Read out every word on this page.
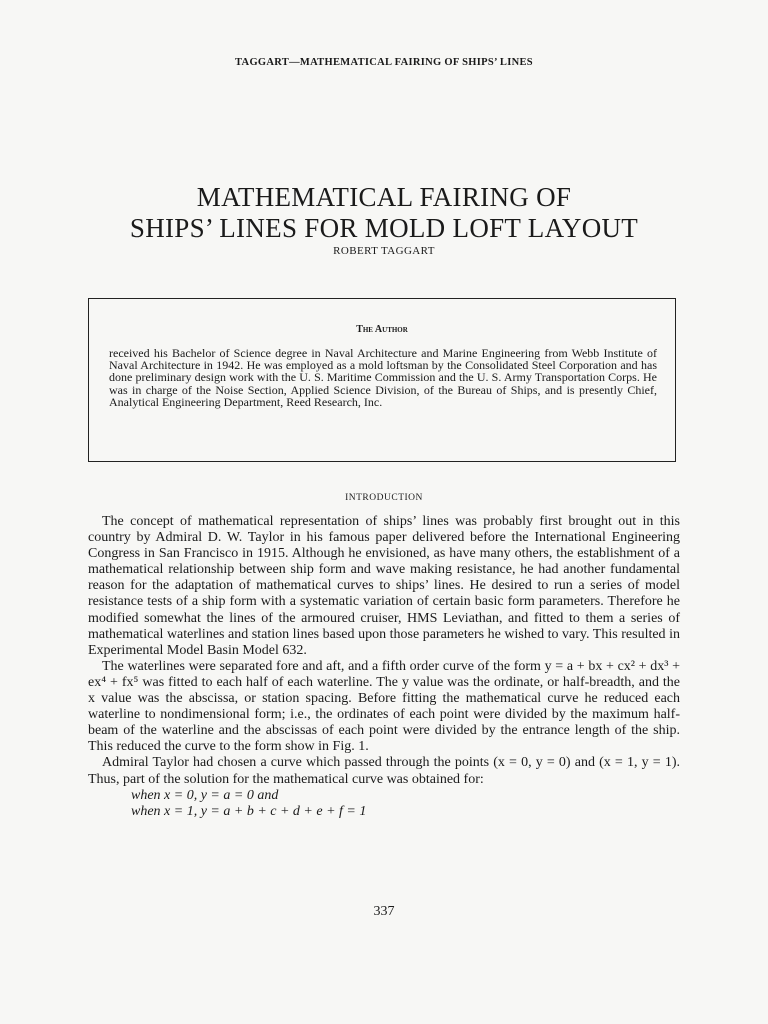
TAGGART—MATHEMATICAL FAIRING OF SHIPS’ LINES
MATHEMATICAL FAIRING OF
SHIPS’ LINES FOR MOLD LOFT LAYOUT
ROBERT TAGGART
The Author

received his Bachelor of Science degree in Naval Architecture and Marine Engineering from Webb Institute of Naval Architecture in 1942. He was employed as a mold loftsman by the Consolidated Steel Corporation and has done preliminary design work with the U. S. Maritime Commission and the U. S. Army Transportation Corps. He was in charge of the Noise Section, Applied Science Division, of the Bureau of Ships, and is presently Chief, Analytical Engineering Department, Reed Research, Inc.

INTRODUCTION

The concept of mathematical representation of ships’ lines was probably first brought out in this country by Admiral D. W. Taylor in his famous paper delivered before the International Engineering Congress in San Francisco in 1915. Although he envisioned, as have many others, the establishment of a mathematical relationship between ship form and wave making resistance, he had another fundamental reason for the adaptation of mathematical curves to ships’ lines. He desired to run a series of model resistance tests of a ship form with a systematic variation of certain basic form parameters. Therefore he modified somewhat the lines of the armoured cruiser, HMS Leviathan, and fitted to them a series of mathematical waterlines and station lines based upon those parameters he wished to vary. This resulted in Experimental Model Basin Model 632.

The waterlines were separated fore and aft, and a fifth order curve of the form y = a + bx + cx² + dx³ + ex⁴ + fx⁵ was fitted to each half of each waterline. The y value was the ordinate, or half-breadth, and the x value was the abscissa, or station spacing. Before fitting the mathematical curve he reduced each waterline to nondimensional form; i.e., the ordinates of each point were divided by the maximum half-beam of the waterline and the abscissas of each point were divided by the entrance length of the ship. This reduced the curve to the form show in Fig. 1.

Admiral Taylor had chosen a curve which passed through the points (x = 0, y = 0) and (x = 1, y = 1). Thus, part of the solution for the mathematical curve was obtained for:

when x = 0, y = a = 0 and

when x = 1, y = a + b + c + d + e + f = 1

337
